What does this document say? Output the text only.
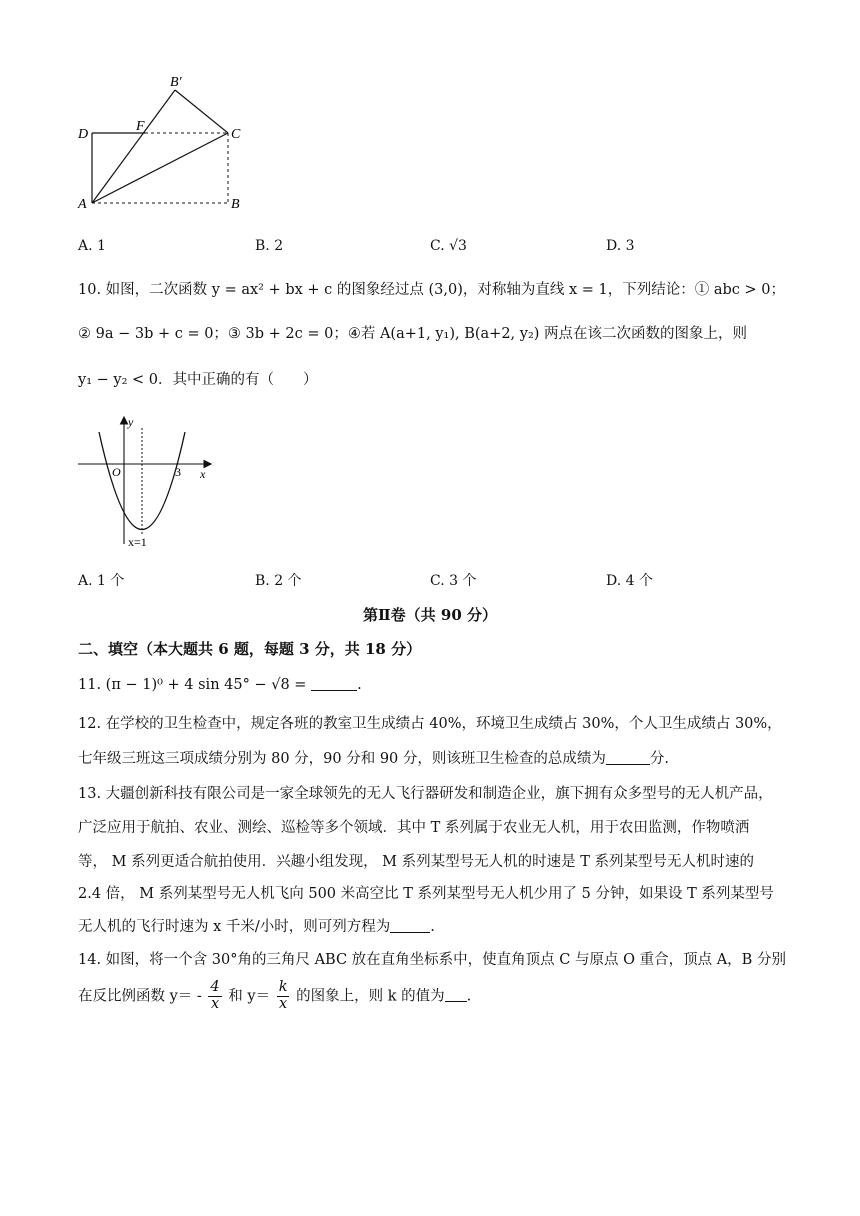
B′
D
F
C
A	B
A. 1	B. 2	C. √3	D. 3
10. 如图，二次函数 y = ax² + bx + c 的图象经过点 (3,0)，对称轴为直线 x = 1，下列结论：① abc > 0；
② 9a − 3b + c = 0；③ 3b + 2c = 0；④若 A(a+1, y₁), B(a+2, y₂) 两点在该二次函数的图象上，则
y₁ − y₂ < 0．其中正确的有（　　）
y
O	3 x
x=1
A. 1 个	B. 2 个	C. 3 个	D. 4 个
第Ⅱ卷（共 90 分）
二、填空（本大题共 6 题，每题 3 分，共 18 分）
11. (π − 1)⁰ + 4 sin 45° − √8 =	.
12. 在学校的卫生检查中，规定各班的教室卫生成绩占 40%，环境卫生成绩占 30%，个人卫生成绩占 30%，
七年级三班这三项成绩分别为 80 分，90 分和 90 分，则该班卫生检查的总成绩为	分.
13. 大疆创新科技有限公司是一家全球领先的无人飞行器研发和制造企业，旗下拥有众多型号的无人机产品，
广泛应用于航拍、农业、测绘、巡检等多个领域．其中 T 系列属于农业无人机，用于农田监测，作物喷洒
等， M 系列更适合航拍使用．兴趣小组发现， M 系列某型号无人机的时速是 T 系列某型号无人机时速的
2.4 倍， M 系列某型号无人机飞向 500 米高空比 T 系列某型号无人机少用了 5 分钟，如果设 T 系列某型号
无人机的飞行时速为 x 千米/小时，则可列方程为	.
14. 如图，将一个含 30°角的三角尺 ABC 放在直角坐标系中，使直角顶点 C 与原点 O 重合，顶点 A，B 分别
在反比例函数 $y= - \frac{4}{x}$ 和 $y= \frac{k}{x}$ 的图象上，则 k 的值为 .
